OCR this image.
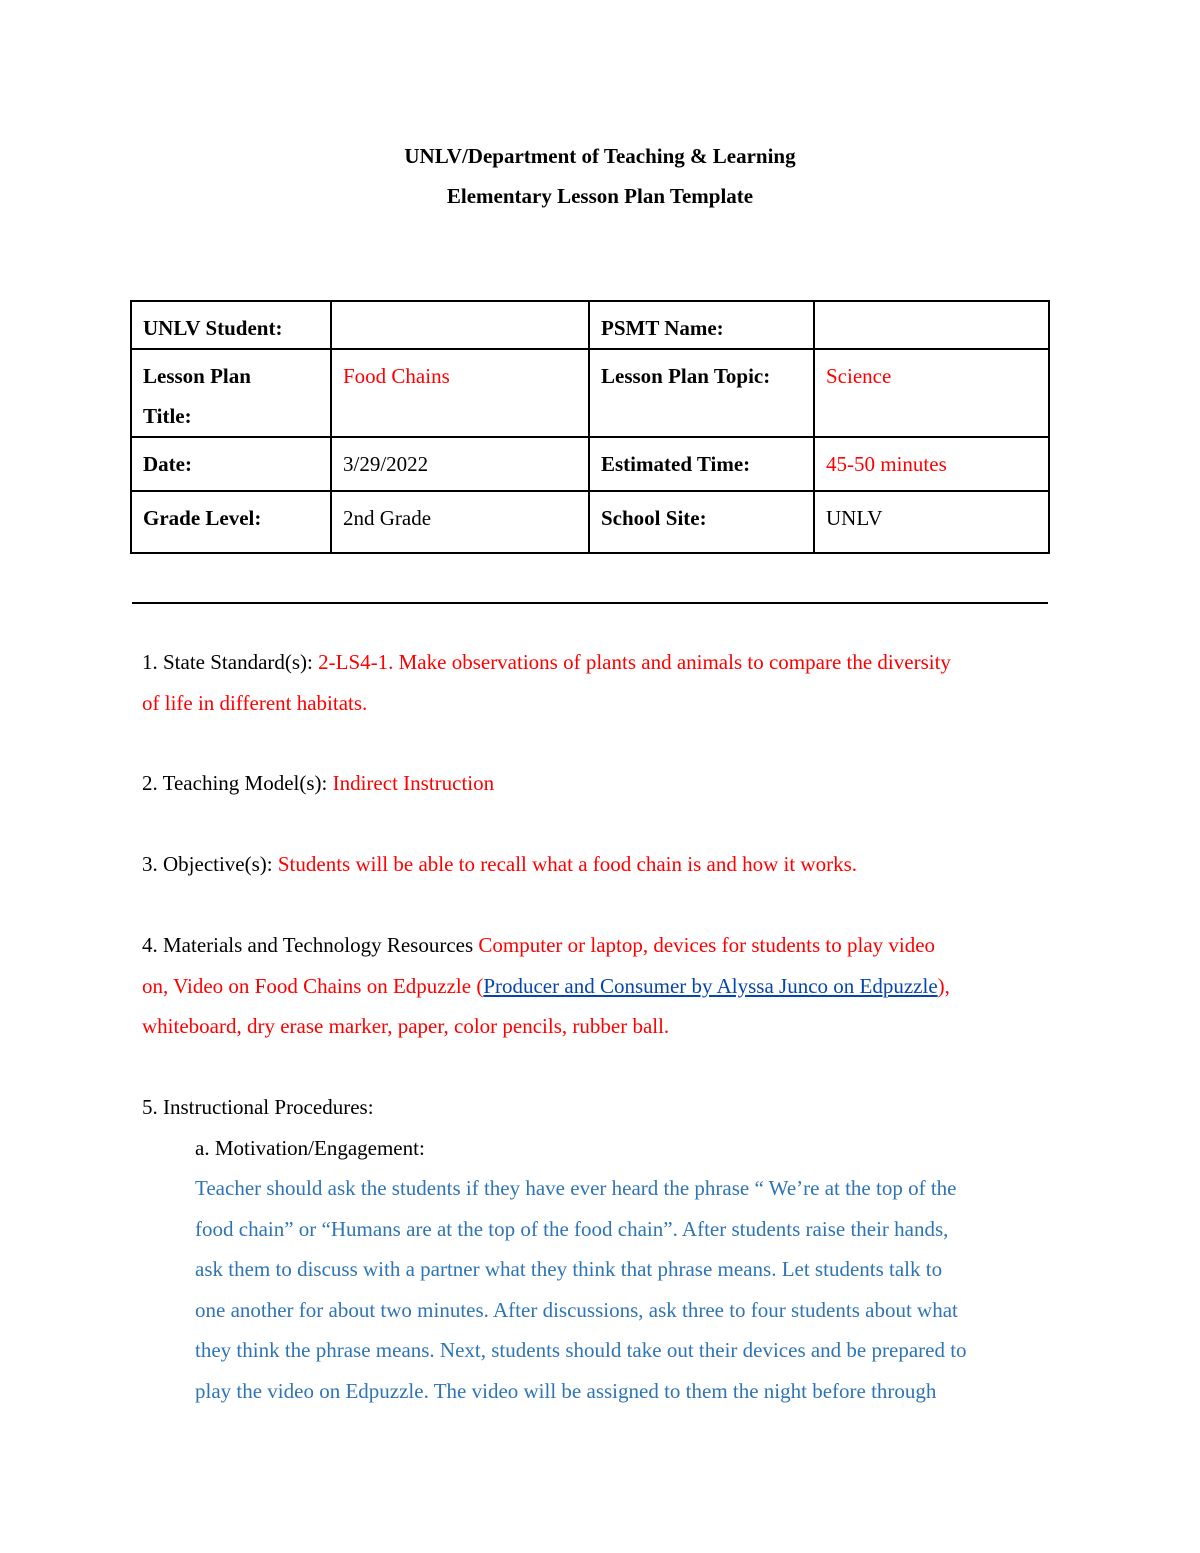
UNLV/Department of Teaching & Learning
Elementary Lesson Plan Template
UNLV Student:		PSMT Name:	

Lesson Plan
Title:	Food Chains	Lesson Plan Topic:	Science
Date:	3/29/2022	Estimated Time:	45-50 minutes
Grade Level:	2nd Grade	School Site:	UNLV
1. State Standard(s): 2-LS4-1. Make observations of plants and animals to compare the diversity
of life in different habitats.
2. Teaching Model(s): Indirect Instruction
3. Objective(s): Students will be able to recall what a food chain is and how it works.
4. Materials and Technology Resources Computer or laptop, devices for students to play video
on, Video on Food Chains on Edpuzzle (Producer and Consumer by Alyssa Junco on Edpuzzle),
whiteboard, dry erase marker, paper, color pencils, rubber ball.
5. Instructional Procedures:
a. Motivation/Engagement:
Teacher should ask the students if they have ever heard the phrase “ We’re at the top of the
food chain” or “Humans are at the top of the food chain”. After students raise their hands,
ask them to discuss with a partner what they think that phrase means. Let students talk to
one another for about two minutes. After discussions, ask three to four students about what
they think the phrase means. Next, students should take out their devices and be prepared to
play the video on Edpuzzle. The video will be assigned to them the night before through
